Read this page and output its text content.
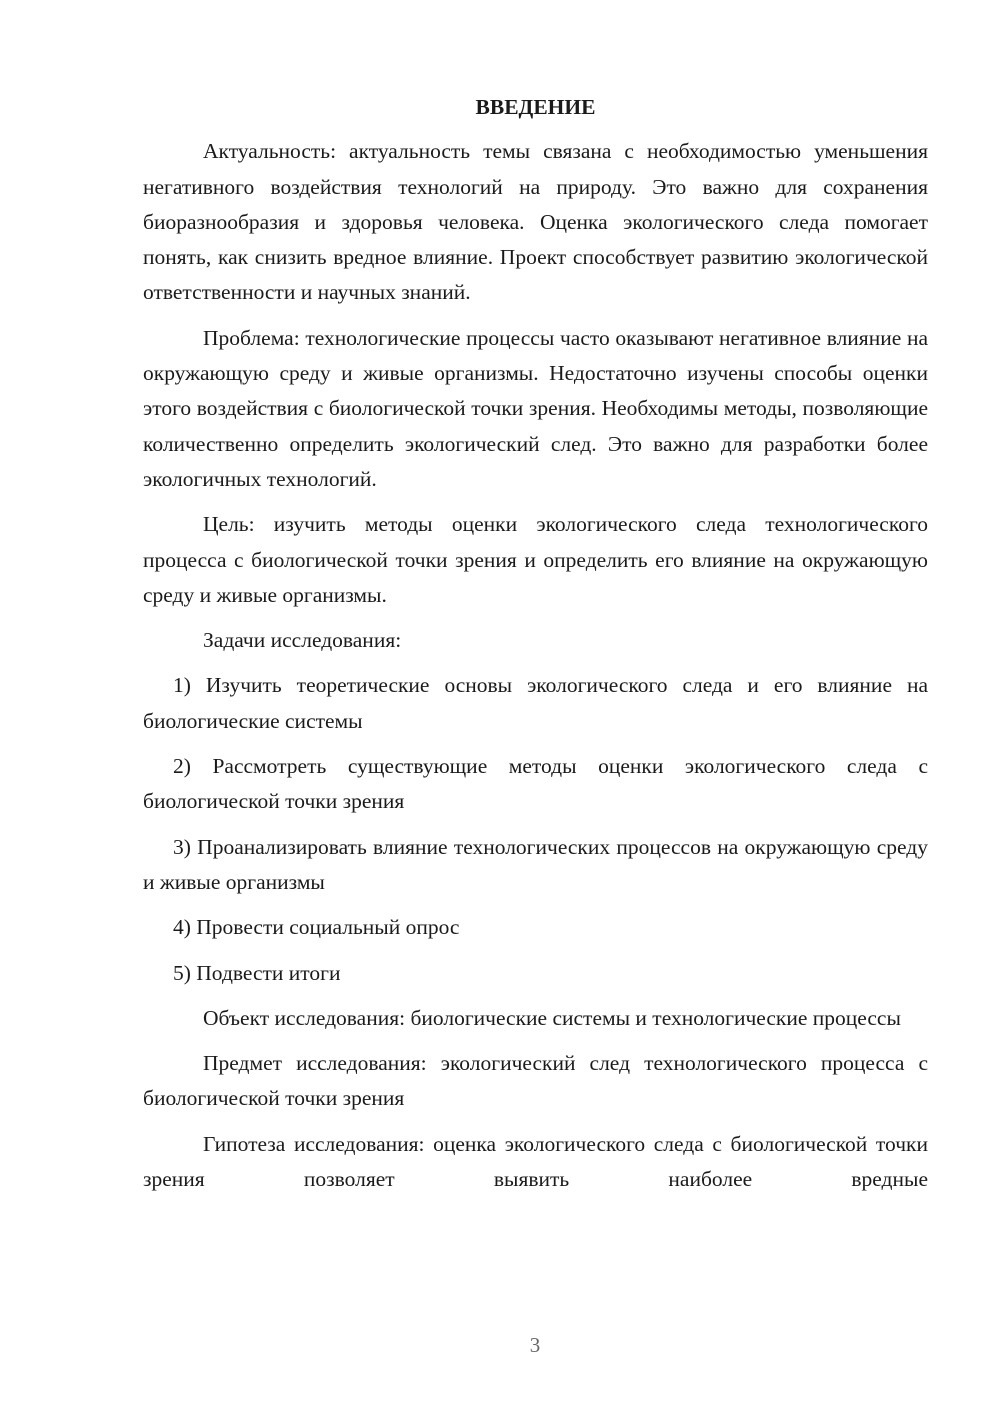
ВВЕДЕНИЕ

Актуальность: актуальность темы связана с необходимостью уменьшения негативного воздействия технологий на природу. Это важно для сохранения биоразнообразия и здоровья человека. Оценка экологического следа помогает понять, как снизить вредное влияние. Проект способствует развитию экологической ответственности и научных знаний.

Проблема: технологические процессы часто оказывают негативное влияние на окружающую среду и живые организмы. Недостаточно изучены способы оценки этого воздействия с биологической точки зрения. Необходимы методы, позволяющие количественно определить экологический след. Это важно для разработки более экологичных технологий.

Цель: изучить методы оценки экологического следа технологического процесса с биологической точки зрения и определить его влияние на окружающую среду и живые организмы.

Задачи исследования:

1) Изучить теоретические основы экологического следа и его влияние на биологические системы

2) Рассмотреть существующие методы оценки экологического следа с биологической точки зрения

3) Проанализировать влияние технологических процессов на окружающую среду и живые организмы

4) Провести социальный опрос

5) Подвести итоги

Объект исследования: биологические системы и технологические процессы

Предмет исследования: экологический след технологического процесса с биологической точки зрения

Гипотеза исследования: оценка экологического следа с биологической точки зрения позволяет выявить наиболее вредные

3
